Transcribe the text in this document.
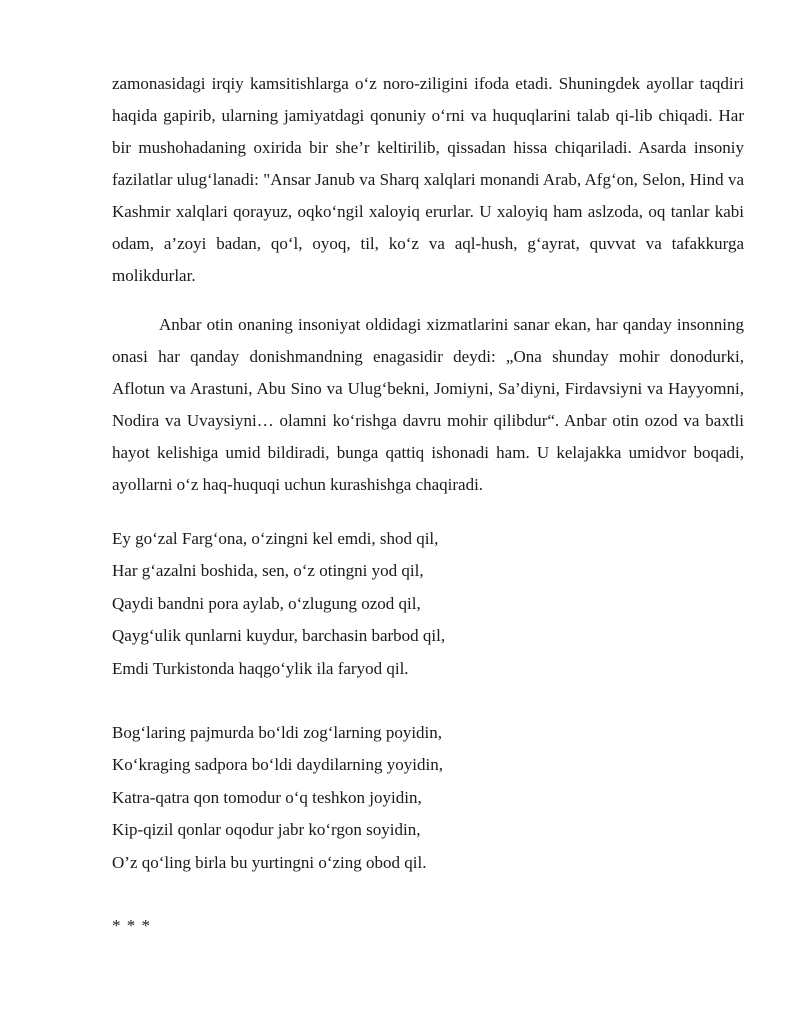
zamonasidagi irqiy kamsitishlarga o‘z noro-ziligini ifoda etadi. Shuningdek ayollar taqdiri haqida gapirib, ularning jamiyatdagi qonuniy o‘rni va huquqlarini talab qi-lib chiqadi. Har bir mushohadaning oxirida bir she’r keltirilib, qissadan hissa chiqariladi. Asarda insoniy fazilatlar ulug‘lanadi: "Ansar Janub va Sharq xalqlari monandi Arab, Afg‘on, Selon, Hind va Kashmir xalqlari qorayuz, oqko‘ngil xaloyiq erurlar. U xaloyiq ham aslzoda, oq tanlar kabi odam, a’zoyi badan, qo‘l, oyoq, til, ko‘z va aql-hush, g‘ayrat, quvvat va tafakkurga molikdurlar.

Anbar otin onaning insoniyat oldidagi xizmatlarini sanar ekan, har qanday insonning onasi har qanday donishmandning enagasidir deydi: „Ona shunday mohir donodurki, Aflotun va Arastuni, Abu Sino va Ulug‘bekni, Jomiyni, Sa’diyni, Firdavsiyni va Hayyomni, Nodira va Uvaysiyni… olamni ko‘rishga davru mohir qilibdur“. Anbar otin ozod va baxtli hayot kelishiga umid bildiradi, bunga qattiq ishonadi ham. U kelajakka umidvor boqadi, ayollarni o‘z haq-huquqi uchun kurashishga chaqiradi.

Ey go‘zal Farg‘ona, o‘zingni kel emdi, shod qil,
Har g‘azalni boshida, sen, o‘z otingni yod qil,
Qaydi bandni pora aylab, o‘zlugung ozod qil,
Qayg‘ulik qunlarni kuydur, barchasin barbod qil,
Emdi Turkistonda haqgo‘ylik ila faryod qil.
Bog‘laring pajmurda bo‘ldi zog‘larning poyidin,
Ko‘kraging sadpora bo‘ldi daydilarning yoyidin,
Katra-qatra qon tomodur o‘q teshkon joyidin,
Kip-qizil qonlar oqodur jabr ko‘rgon soyidin,
O’z qo‘ling birla bu yurtingni o‘zing obod qil.
* * *
